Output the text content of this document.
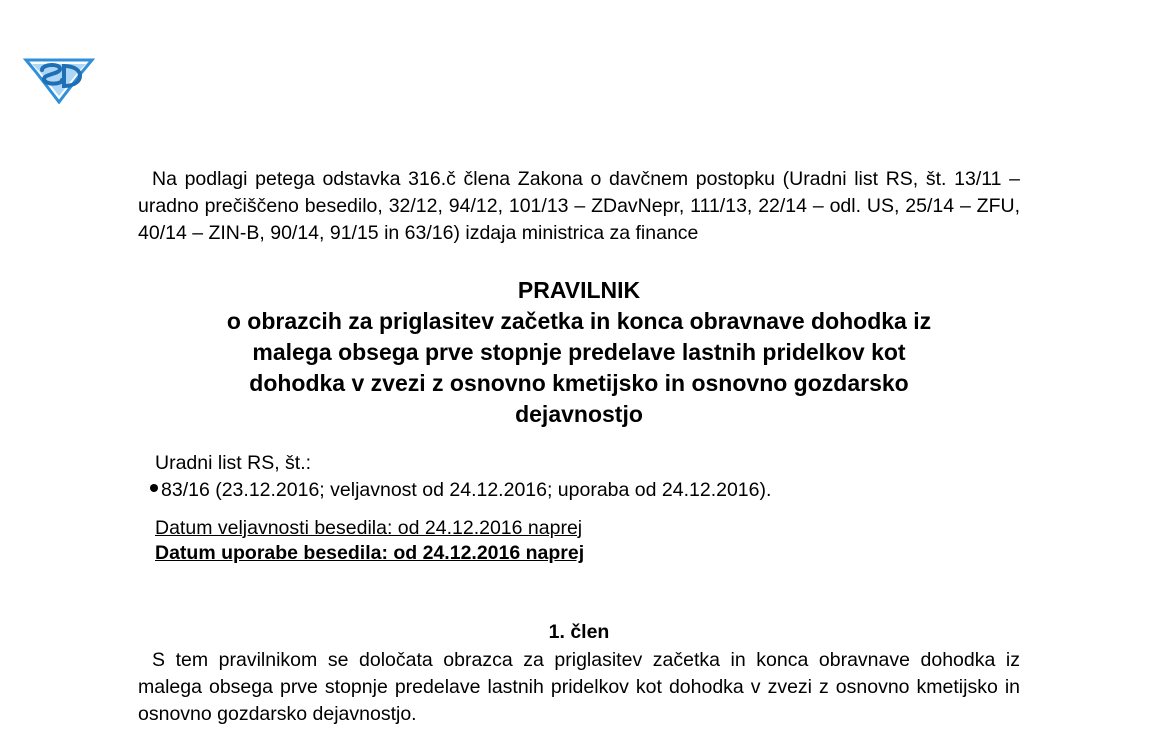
Na podlagi petega odstavka 316.č člena Zakona o davčnem postopku (Uradni list RS, št. 13/11 – uradno prečiščeno besedilo, 32/12, 94/12, 101/13 – ZDavNepr, 111/13, 22/14 – odl. US, 25/14 – ZFU, 40/14 – ZIN-B, 90/14, 91/15 in 63/16) izdaja ministrica za finance

PRAVILNIK
o obrazcih za priglasitev začetka in konca obravnave dohodka iz
malega obsega prve stopnje predelave lastnih pridelkov kot
dohodka v zvezi z osnovno kmetijsko in osnovno gozdarsko
dejavnostjo
Uradni list RS, št.:
83/16 (23.12.2016; veljavnost od 24.12.2016; uporaba od 24.12.2016).
Datum veljavnosti besedila: od 24.12.2016 naprej
Datum uporabe besedila: od 24.12.2016 naprej
1. člen

S tem pravilnikom se določata obrazca za priglasitev začetka in konca obravnave dohodka iz malega obsega prve stopnje predelave lastnih pridelkov kot dohodka v zvezi z osnovno kmetijsko in osnovno gozdarsko dejavnostjo.
